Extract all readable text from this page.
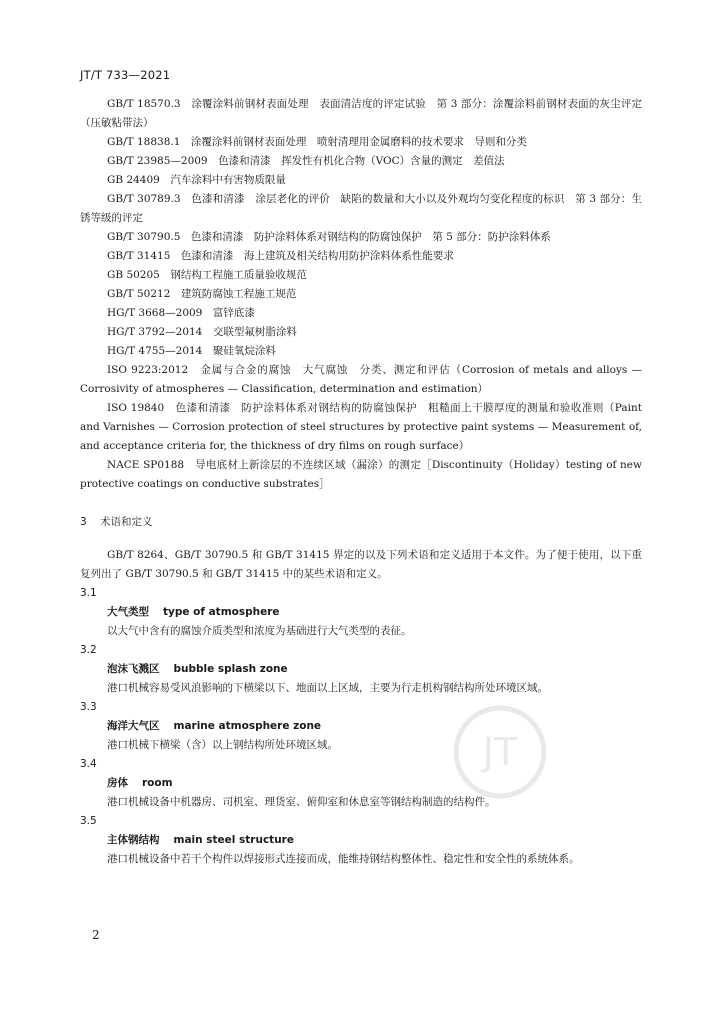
JT/T 733—2021

GB/T 18570.3　涂覆涂料前钢材表面处理　表面清洁度的评定试验　第 3 部分：涂覆涂料前钢材表面的灰尘评定（压敏粘带法）

GB/T 18838.1　涂覆涂料前钢材表面处理　喷射清理用金属磨料的技术要求　导则和分类

GB/T 23985—2009　色漆和清漆　挥发性有机化合物（VOC）含量的测定　差值法

GB 24409　汽车涂料中有害物质限量

GB/T 30789.3　色漆和清漆　涂层老化的评价　缺陷的数量和大小以及外观均匀变化程度的标识　第 3 部分：生锈等级的评定

GB/T 30790.5　色漆和清漆　防护涂料体系对钢结构的防腐蚀保护　第 5 部分：防护涂料体系

GB/T 31415　色漆和清漆　海上建筑及相关结构用防护涂料体系性能要求

GB 50205　钢结构工程施工质量验收规范

GB/T 50212　建筑防腐蚀工程施工规范

HG/T 3668—2009　富锌底漆

HG/T 3792—2014　交联型氟树脂涂料

HG/T 4755—2014　聚硅氧烷涂料

ISO 9223:2012　金属与合金的腐蚀　大气腐蚀　分类、测定和评估（Corrosion of metals and alloys — Corrosivity of atmospheres — Classification, determination and estimation）

ISO 19840　色漆和清漆　防护涂料体系对钢结构的防腐蚀保护　粗糙面上干膜厚度的测量和验收准则（Paint and Varnishes — Corrosion protection of steel structures by protective paint systems — Measurement of, and acceptance criteria for, the thickness of dry films on rough surface）

NACE SP0188　导电底材上新涂层的不连续区域（漏涂）的测定［Discontinuity（Holiday）testing of new protective coatings on conductive substrates］

3 术语和定义

GB/T 8264、GB/T 30790.5 和 GB/T 31415 界定的以及下列术语和定义适用于本文件。为了便于使用，以下重复列出了 GB/T 30790.5 和 GB/T 31415 中的某些术语和定义。

3.1
大气类型 type of atmosphere

以大气中含有的腐蚀介质类型和浓度为基础进行大气类型的表征。

3.2
泡沫飞溅区 bubble splash zone

港口机械容易受风浪影响的下横梁以下、地面以上区域，主要为行走机构钢结构所处环境区域。

3.3
海洋大气区 marine atmosphere zone

港口机械下横梁（含）以上钢结构所处环境区域。

3.4
房体 room

港口机械设备中机器房、司机室、理货室、俯仰室和休息室等钢结构制造的结构件。

3.5
主体钢结构 main steel structure

港口机械设备中若干个构件以焊接形式连接而成，能维持钢结构整体性、稳定性和安全性的系统体系。

JT
2
